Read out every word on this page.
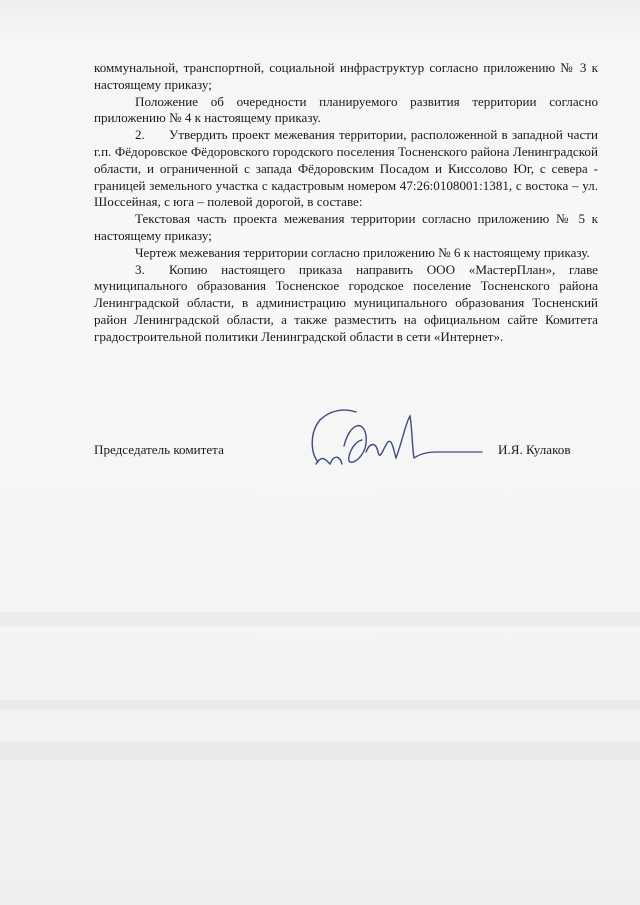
коммунальной, транспортной, социальной инфраструктур согласно приложению № 3 к настоящему приказу;

Положение об очередности планируемого развития территории согласно приложению № 4 к настоящему приказу.

2. Утвердить проект межевания территории, расположенной в западной части г.п. Фёдоровское Фёдоровского городского поселения Тосненского района Ленинградской области, и ограниченной с запада Фёдоровским Посадом и Киссолово Юг, с севера - границей земельного участка с кадастровым номером 47:26:0108001:1381, с востока – ул. Шоссейная, с юга – полевой дорогой, в составе:

Текстовая часть проекта межевания территории согласно приложению № 5 к настоящему приказу;

Чертеж межевания территории согласно приложению № 6 к настоящему приказу.

3. Копию настоящего приказа направить ООО «МастерПлан», главе муниципального образования Тосненское городское поселение Тосненского района Ленинградской области, в администрацию муниципального образования Тосненский район Ленинградской области, а также разместить на официальном сайте Комитета градостроительной политики Ленинградской области в сети «Интернет».

Председатель комитета	И.Я. Кулаков
